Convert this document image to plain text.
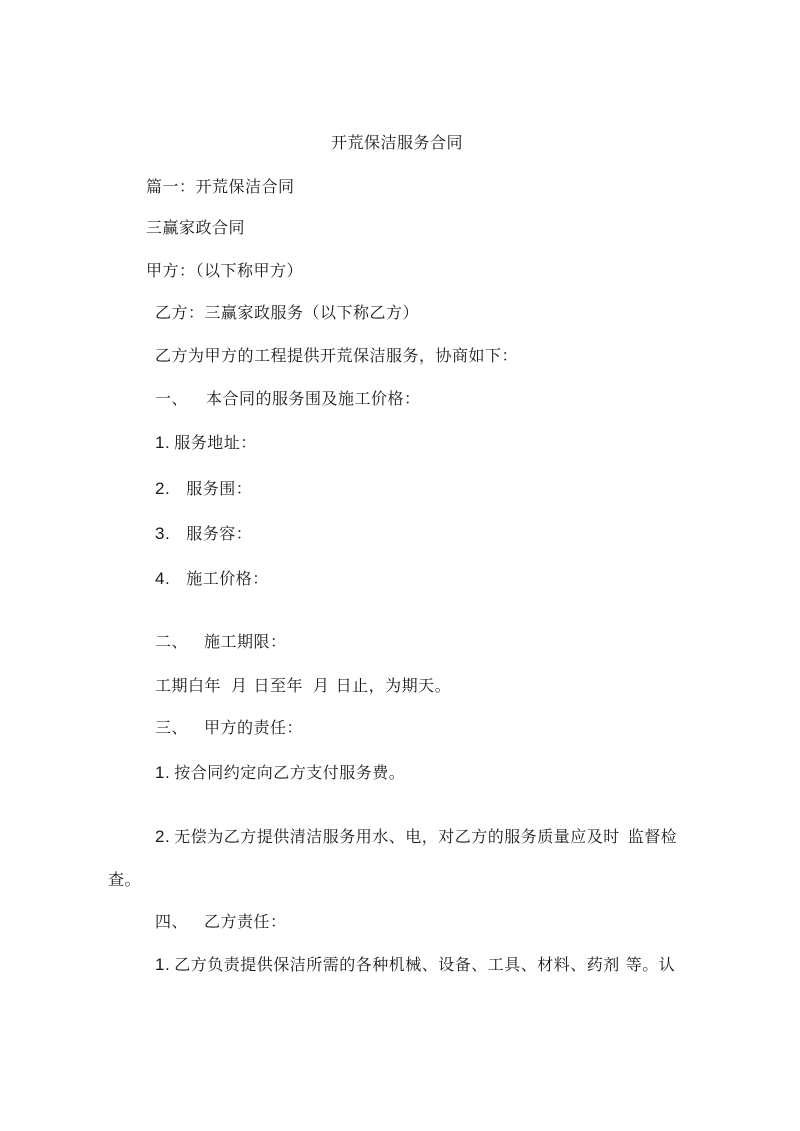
开荒保洁服务合同
篇一：开荒保洁合同
三赢家政合同
甲方：（以下称甲方）
乙方：三赢家政服务（以下称乙方）
乙方为甲方的工程提供开荒保洁服务，协商如下：
一、 本合同的服务围及施工价格：
1. 服务地址：
2. 服务围：
3. 服务容：
4. 施工价格：
二、 施工期限：
工期白年 月 日至年 月 日止，为期天。
三、 甲方的责任：
1. 按合同约定向乙方支付服务费。
2. 无偿为乙方提供清洁服务用水、电，对乙方的服务质量应及时 监督检
查。
四、 乙方责任：
1. 乙方负责提供保洁所需的各种机械、设备、工具、材料、药剂 等。认
